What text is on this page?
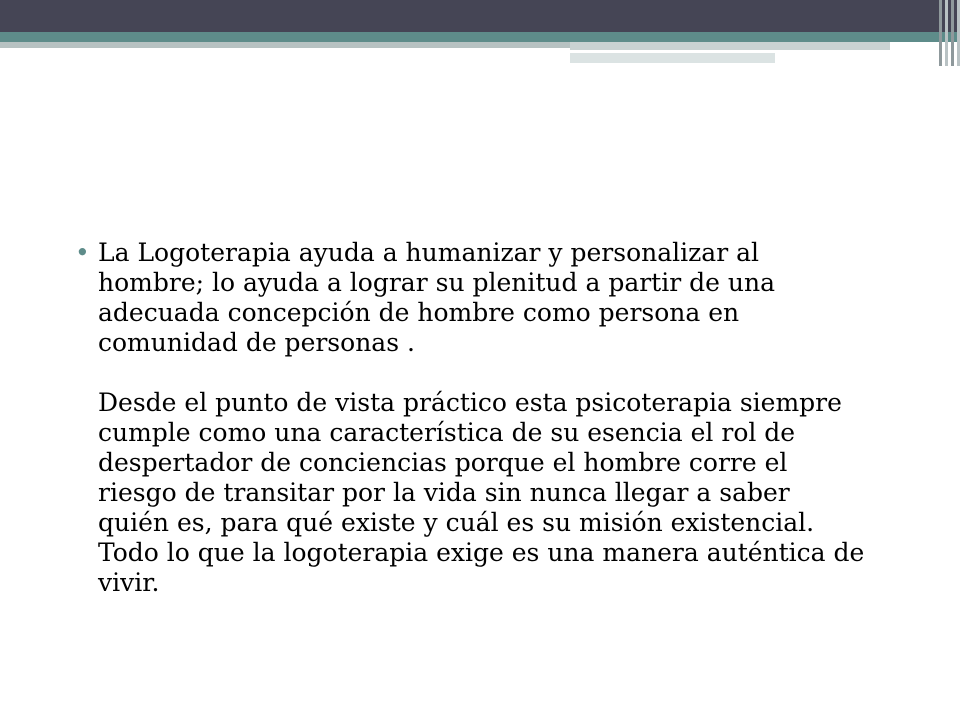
• La Logoterapia ayuda a humanizar y personalizar al hombre; lo ayuda a lograr su plenitud a partir de una adecuada concepción de hombre como persona en comunidad de personas .

Desde el punto de vista práctico esta psicoterapia siempre cumple como una característica de su esencia el rol de despertador de conciencias porque el hombre corre el riesgo de transitar por la vida sin nunca llegar a saber quién es, para qué existe y cuál es su misión existencial. Todo lo que la logoterapia exige es una manera auténtica de vivir.
